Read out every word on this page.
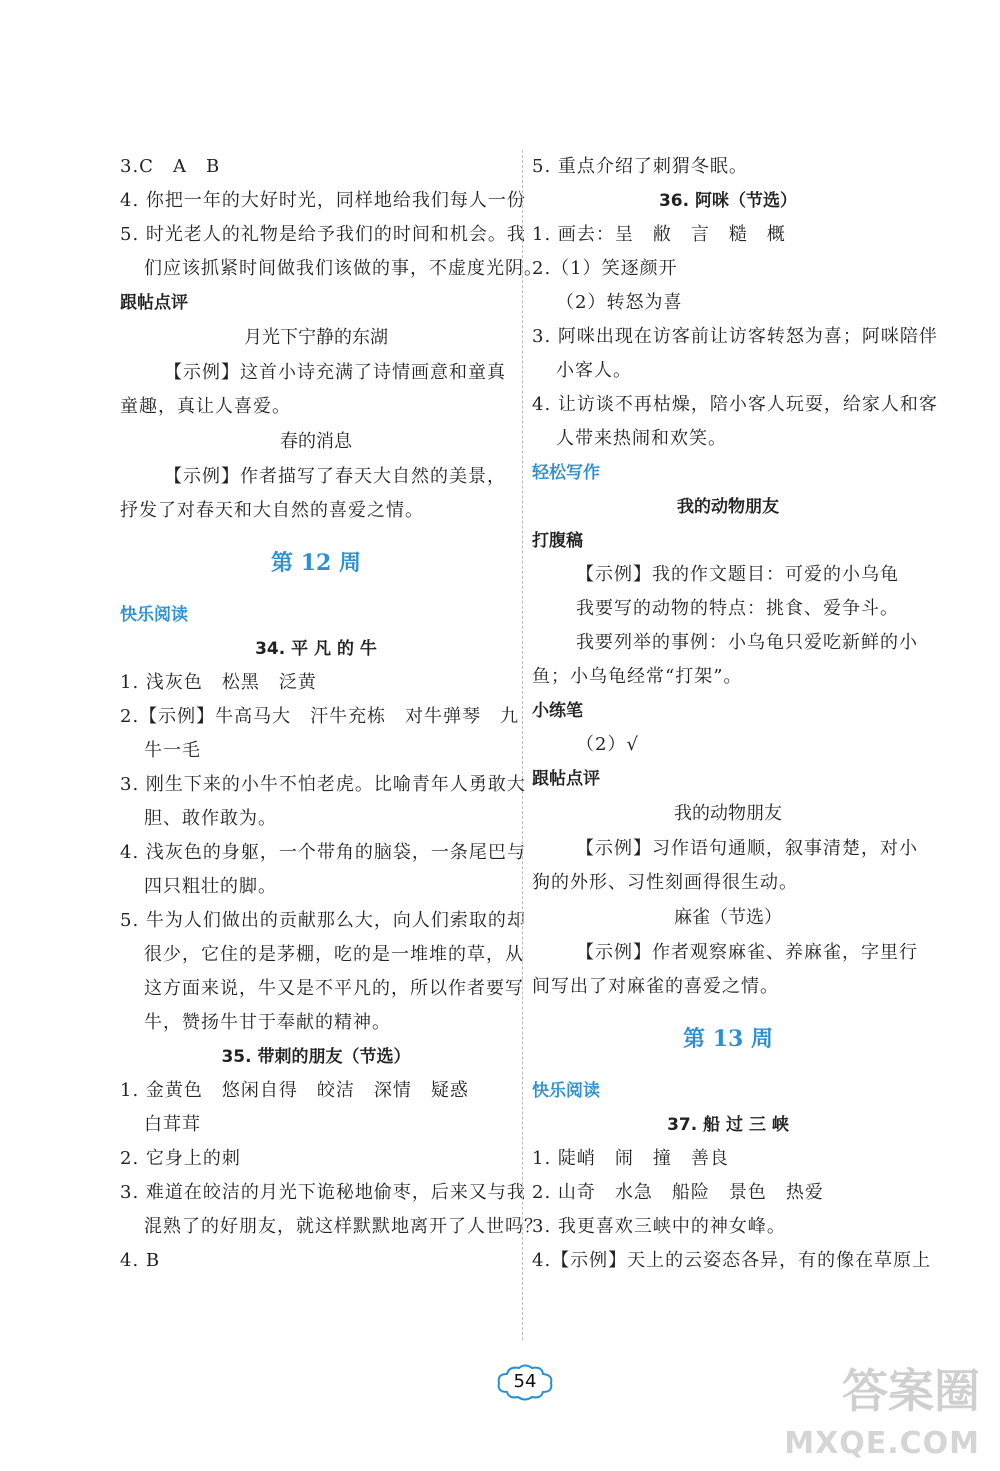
3.C　A　B
4. 你把一年的大好时光，同样地给我们每人一份
5. 时光老人的礼物是给予我们的时间和机会。我
们应该抓紧时间做我们该做的事，不虚度光阴。
跟帖点评
月光下宁静的东湖
【示例】这首小诗充满了诗情画意和童真
童趣，真让人喜爱。
春的消息
【示例】作者描写了春天大自然的美景，
抒发了对春天和大自然的喜爱之情。
第 12 周
快乐阅读
34. 平 凡 的 牛
1. 浅灰色　松黑　泛黄
2.【示例】牛高马大　汗牛充栋　对牛弹琴　九
牛一毛
3. 刚生下来的小牛不怕老虎。比喻青年人勇敢大
胆、敢作敢为。
4. 浅灰色的身躯，一个带角的脑袋，一条尾巴与
四只粗壮的脚。
5. 牛为人们做出的贡献那么大，向人们索取的却
很少，它住的是茅棚，吃的是一堆堆的草，从
这方面来说，牛又是不平凡的，所以作者要写
牛，赞扬牛甘于奉献的精神。
35. 带刺的朋友（节选）
1. 金黄色　悠闲自得　皎洁　深情　疑惑
白茸茸
2. 它身上的刺
3. 难道在皎洁的月光下诡秘地偷枣，后来又与我
混熟了的好朋友，就这样默默地离开了人世吗？
4. B
5. 重点介绍了刺猬冬眠。
36. 阿咪（节选）
1. 画去：呈　敝　言　糙　概
2.（1）笑逐颜开
（2）转怒为喜
3. 阿咪出现在访客前让访客转怒为喜；阿咪陪伴
小客人。
4. 让访谈不再枯燥，陪小客人玩耍，给家人和客
人带来热闹和欢笑。
轻松写作
我的动物朋友
打腹稿
【示例】我的作文题目：可爱的小乌龟
我要写的动物的特点：挑食、爱争斗。
我要列举的事例：小乌龟只爱吃新鲜的小
鱼；小乌龟经常“打架”。
小练笔
（2）√
跟帖点评
我的动物朋友
【示例】习作语句通顺，叙事清楚，对小
狗的外形、习性刻画得很生动。
麻雀（节选）
【示例】作者观察麻雀、养麻雀，字里行
间写出了对麻雀的喜爱之情。
第 13 周
快乐阅读
37. 船 过 三 峡
1. 陡峭　闹　撞　善良
2. 山奇　水急　船险　景色　热爱
3. 我更喜欢三峡中的神女峰。
4.【示例】天上的云姿态各异，有的像在草原上
54	答案圈
MXQE.COM
